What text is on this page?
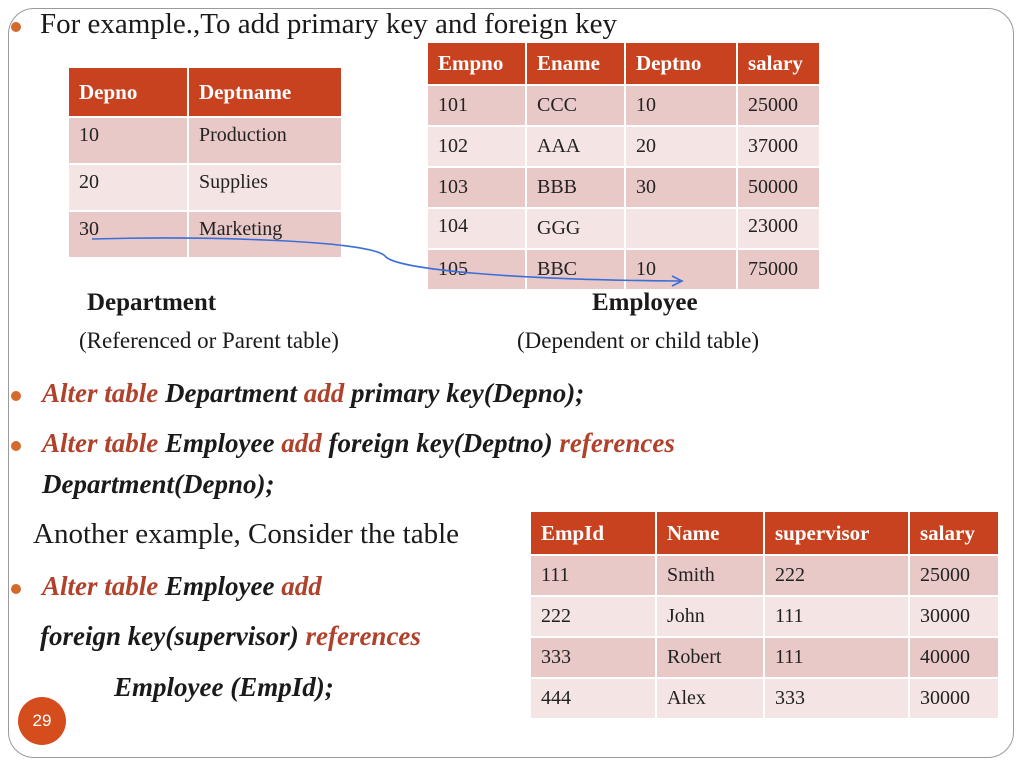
For example.,To add primary key and foreign key
Depno	Deptname
10	Production
20	Supplies
30	Marketing
Empno	Ename	Deptno	salary
101	CCC	10	25000
102	AAA	20	37000
103	BBB	30	50000
104	GGG		23000
105	BBC	10	75000
Department
(Referenced or Parent table)
Employee
(Dependent or child table)
Alter table Department add primary key(Depno);
Alter table Employee add foreign key(Deptno) references
Department(Depno);
Another example, Consider the table
Alter table Employee add
foreign key(supervisor) references
Employee (EmpId);
EmpId	Name	supervisor	salary
111	Smith	222	25000
222	John	111	30000
333	Robert	111	40000
444	Alex	333	30000
29
